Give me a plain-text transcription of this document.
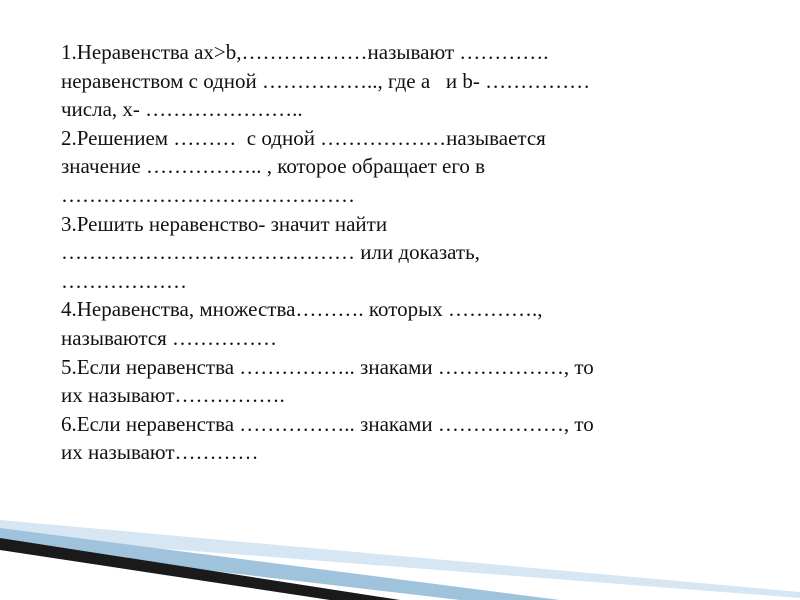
1.Неравенства ax>b,………………называют ………….
неравенством с одной …………….., где а   и b- ……………
числа, х- …………………..
2.Решением ………  с одной ………………называется
значение …………….. , которое обращает его в
……………………………………
3.Решить неравенство- значит найти
…………………………………… или доказать,
………………
4.Неравенства, множества………. которых ………….,
называются ……………
5.Если неравенства …………….. знаками ………………, то
их называют…………….
6.Если неравенства …………….. знаками ………………, то
их называют…………
